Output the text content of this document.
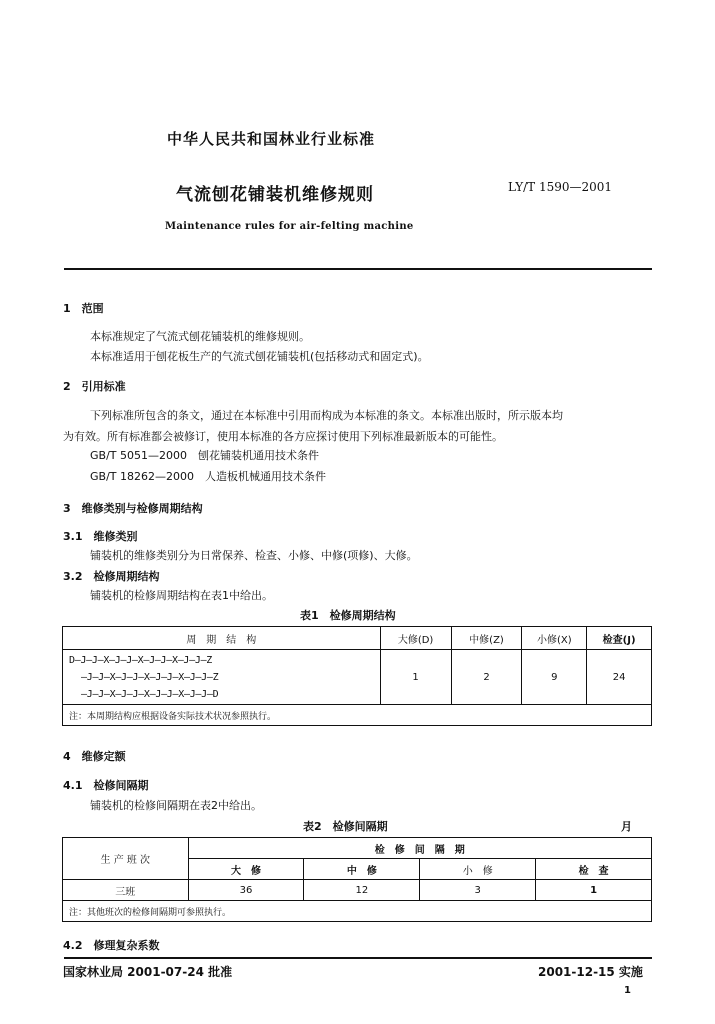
中华人民共和国林业行业标准
气流刨花铺装机维修规则	LY/T 1590—2001
Maintenance rules for air-felting machine
1　范围
本标准规定了气流式刨花铺装机的维修规则。
本标准适用于刨花板生产的气流式刨花铺装机(包括移动式和固定式)。
2　引用标准
下列标准所包含的条文，通过在本标准中引用而构成为本标准的条文。本标准出版时，所示版本均
为有效。所有标准都会被修订，使用本标准的各方应探讨使用下列标准最新版本的可能性。
GB/T 5051—2000　刨花铺装机通用技术条件
GB/T 18262—2000　人造板机械通用技术条件
3　维修类别与检修周期结构
3.1　维修类别
铺装机的维修类别分为日常保养、检查、小修、中修(项修)、大修。
3.2　检修周期结构
铺装机的检修周期结构在表1中给出。
表1　检修周期结构
周　期　结　构	大修(D)	中修(Z)	小修(X)	检查(J)

D—J—J—X—J—J—X—J—J—X—J—J—Z
—J—J—X—J—J—X—J—J—X—J—J—Z
—J—J—X—J—J—X—J—J—X—J—J—D	1	2	9	24
注：本周期结构应根据设备实际技术状况参照执行。				
4　维修定额
4.1　检修间隔期
铺装机的检修间隔期在表2中给出。
表2　检修间隔期	月
生 产 班 次	检　修　间　隔　期			
	大　修	中　修	小　修	检　查
三班	36	12	3	1
注：其他班次的检修间隔期可参照执行。				
4.2　修理复杂系数
国家林业局 2001-07-24 批准	2001-12-15 实施
1
